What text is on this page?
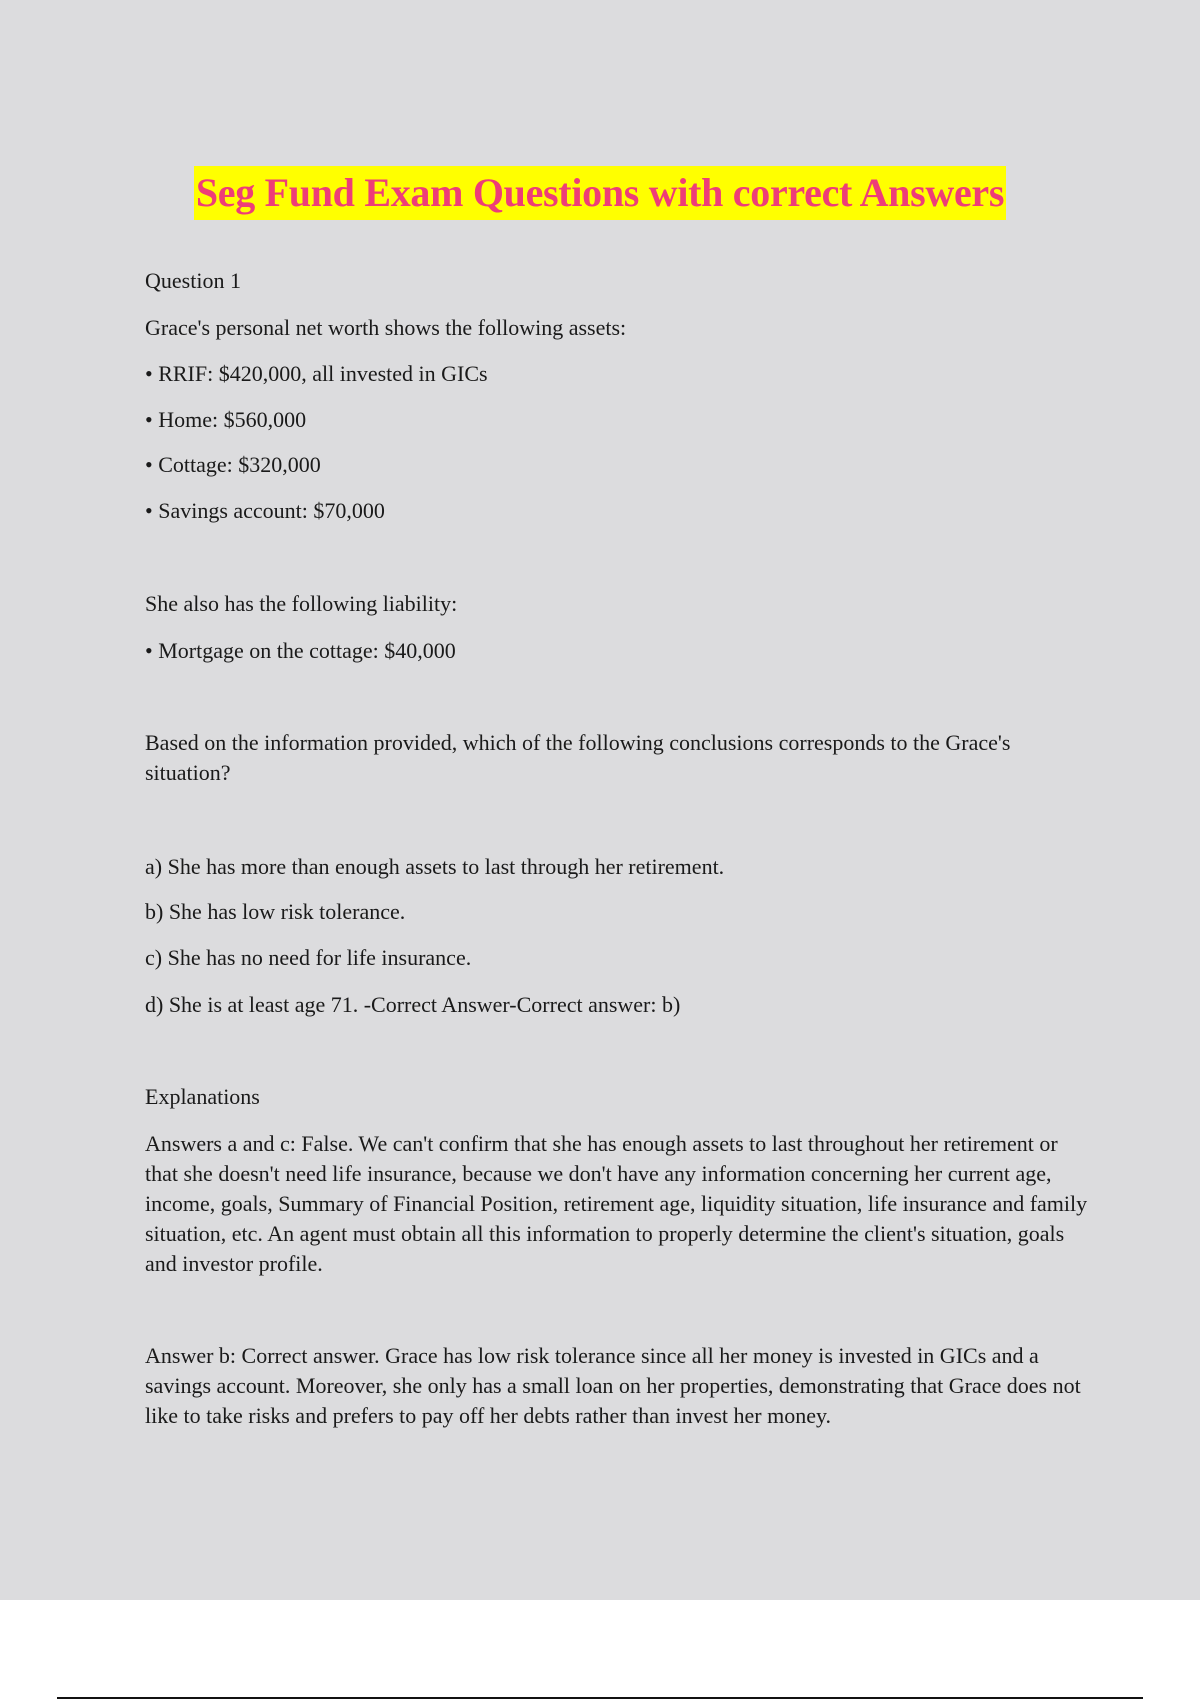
Seg Fund Exam Questions with correct Answers
Question 1
Grace's personal net worth shows the following assets:
• RRIF: $420,000, all invested in GICs
• Home: $560,000
• Cottage: $320,000
• Savings account: $70,000
She also has the following liability:
• Mortgage on the cottage: $40,000
Based on the information provided, which of the following conclusions corresponds to the Grace's situation?
a) She has more than enough assets to last through her retirement.
b) She has low risk tolerance.
c) She has no need for life insurance.
d) She is at least age 71. -Correct Answer-Correct answer: b)
Explanations
Answers a and c: False. We can't confirm that she has enough assets to last throughout her retirement or that she doesn't need life insurance, because we don't have any information concerning her current age, income, goals, Summary of Financial Position, retirement age, liquidity situation, life insurance and family situation, etc. An agent must obtain all this information to properly determine the client's situation, goals and investor profile.
Answer b: Correct answer. Grace has low risk tolerance since all her money is invested in GICs and a savings account. Moreover, she only has a small loan on her properties, demonstrating that Grace does not like to take risks and prefers to pay off her debts rather than invest her money.
